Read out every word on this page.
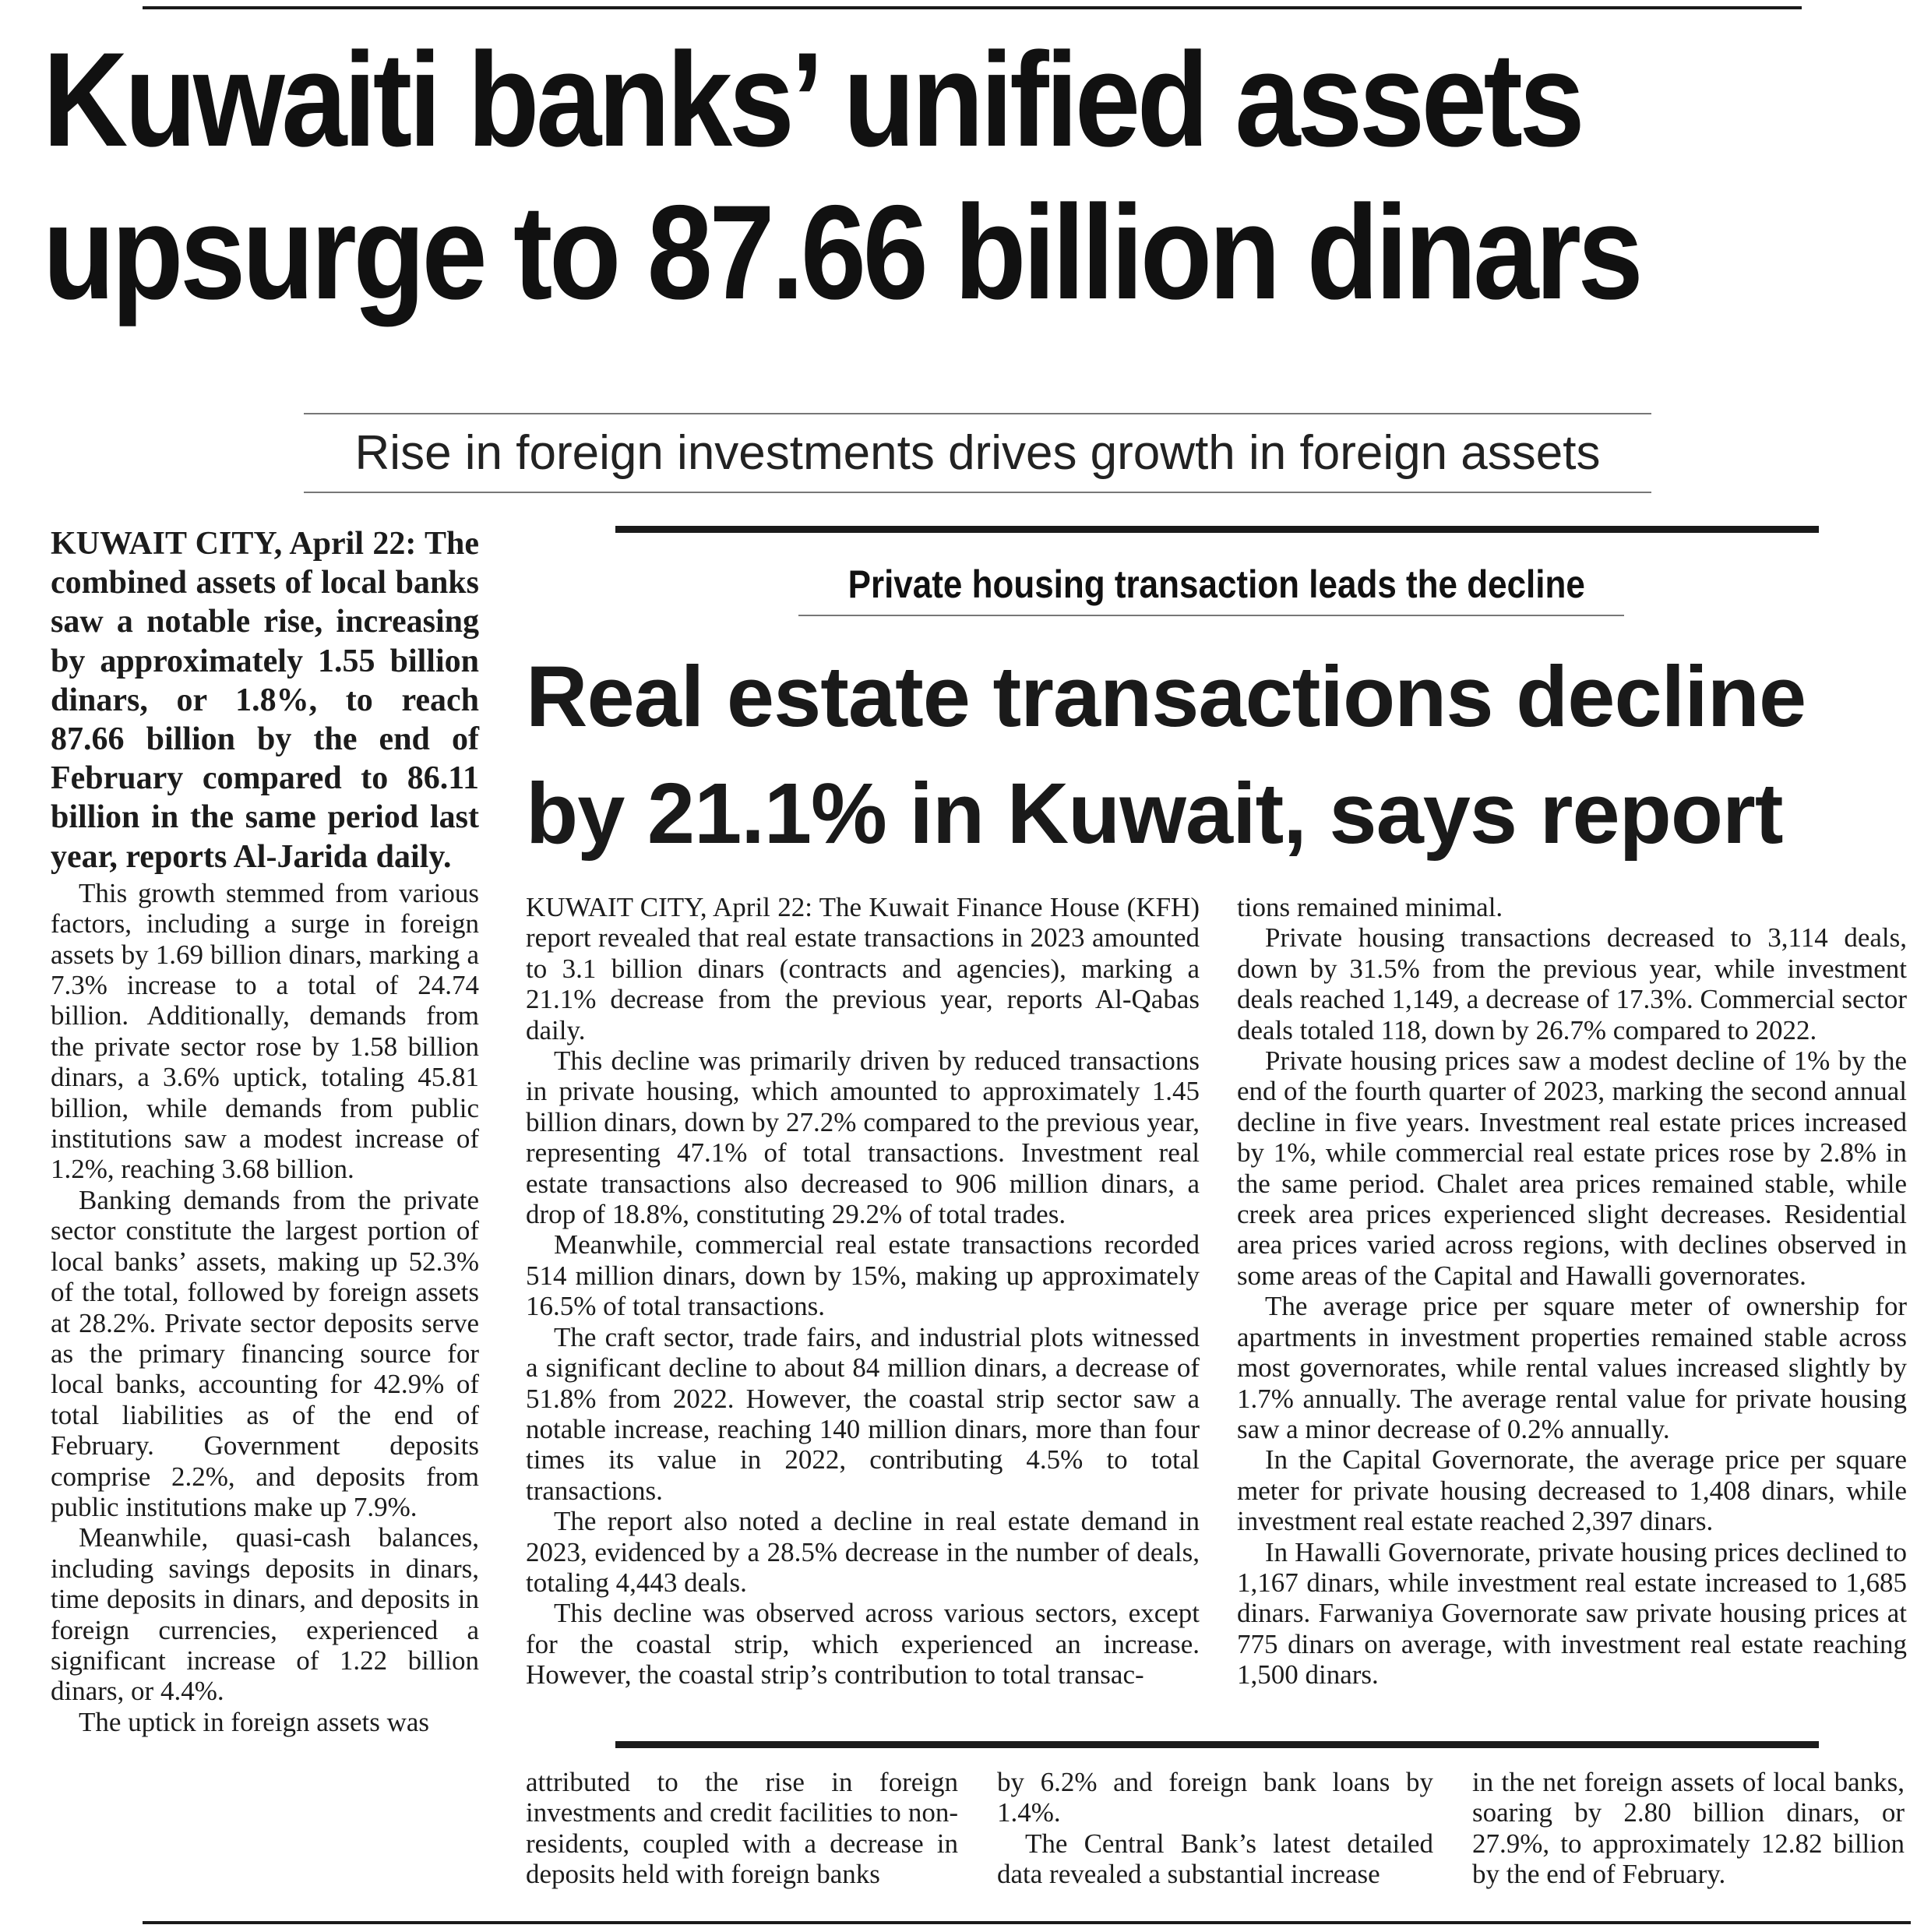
Kuwaiti banks’ unified assets
upsurge to 87.66 billion dinars
Rise in foreign investments drives growth in foreign assets

KUWAIT CITY, April 22: The combined assets of local banks saw a notable rise, increasing by approximately 1.55 billion dinars, or 1.8%, to reach 87.66 billion by the end of February compared to 86.11 billion in the same period last year, reports Al-Jarida daily.

This growth stemmed from various factors, including a surge in foreign assets by 1.69 billion dinars, marking a 7.3% increase to a total of 24.74 billion. Additionally, demands from the private sector rose by 1.58 billion dinars, a 3.6% uptick, totaling 45.81 billion, while demands from public institutions saw a modest increase of 1.2%, reaching 3.68 billion.

Banking demands from the private sector constitute the largest portion of local banks’ assets, making up 52.3% of the total, followed by foreign assets at 28.2%. Private sector deposits serve as the primary financing source for local banks, accounting for 42.9% of total liabilities as of the end of February. Government deposits comprise 2.2%, and deposits from public institutions make up 7.9%.

Meanwhile, quasi-cash balances, including savings deposits in dinars, time deposits in dinars, and deposits in foreign currencies, experienced a significant increase of 1.22 billion dinars, or 4.4%.

The uptick in foreign assets was

Private housing transaction leads the decline
Real estate transactions decline
by 21.1% in Kuwait, says report

KUWAIT CITY, April 22: The Kuwait Finance House (KFH) report revealed that real estate transactions in 2023 amounted to 3.1 billion dinars (contracts and agencies), marking a 21.1% decrease from the previous year, reports Al-Qabas daily.

This decline was primarily driven by reduced transactions in private housing, which amounted to approximately 1.45 billion dinars, down by 27.2% compared to the previous year, representing 47.1% of total transactions. Investment real estate transactions also decreased to 906 million dinars, a drop of 18.8%, constituting 29.2% of total trades.

Meanwhile, commercial real estate transactions recorded 514 million dinars, down by 15%, making up approximately 16.5% of total transactions.

The craft sector, trade fairs, and industrial plots witnessed a significant decline to about 84 million dinars, a decrease of 51.8% from 2022. However, the coastal strip sector saw a notable increase, reaching 140 million dinars, more than four times its value in 2022, contributing 4.5% to total transactions.

The report also noted a decline in real estate demand in 2023, evidenced by a 28.5% decrease in the number of deals, totaling 4,443 deals.

This decline was observed across various sectors, except for the coastal strip, which experienced an increase. However, the coastal strip’s contribution to total transac-

tions remained minimal.

Private housing transactions decreased to 3,114 deals, down by 31.5% from the previous year, while investment deals reached 1,149, a decrease of 17.3%. Commercial sector deals totaled 118, down by 26.7% compared to 2022.

Private housing prices saw a modest decline of 1% by the end of the fourth quarter of 2023, marking the second annual decline in five years. Investment real estate prices increased by 1%, while commercial real estate prices rose by 2.8% in the same period. Chalet area prices remained stable, while creek area prices experienced slight decreases. Residential area prices varied across regions, with declines observed in some areas of the Capital and Hawalli governorates.

The average price per square meter of ownership for apartments in investment properties remained stable across most governorates, while rental values increased slightly by 1.7% annually. The average rental value for private housing saw a minor decrease of 0.2% annually.

In the Capital Governorate, the average price per square meter for private housing decreased to 1,408 dinars, while investment real estate reached 2,397 dinars.

In Hawalli Governorate, private housing prices declined to 1,167 dinars, while investment real estate increased to 1,685 dinars. Farwaniya Governorate saw private housing prices at 775 dinars on average, with investment real estate reaching 1,500 dinars.

attributed to the rise in foreign investments and credit facilities to non-residents, coupled with a decrease in deposits held with foreign banks

by 6.2% and foreign bank loans by 1.4%.

The Central Bank’s latest detailed data revealed a substantial increase

in the net foreign assets of local banks, soaring by 2.80 billion dinars, or 27.9%, to approximately 12.82 billion by the end of February.
